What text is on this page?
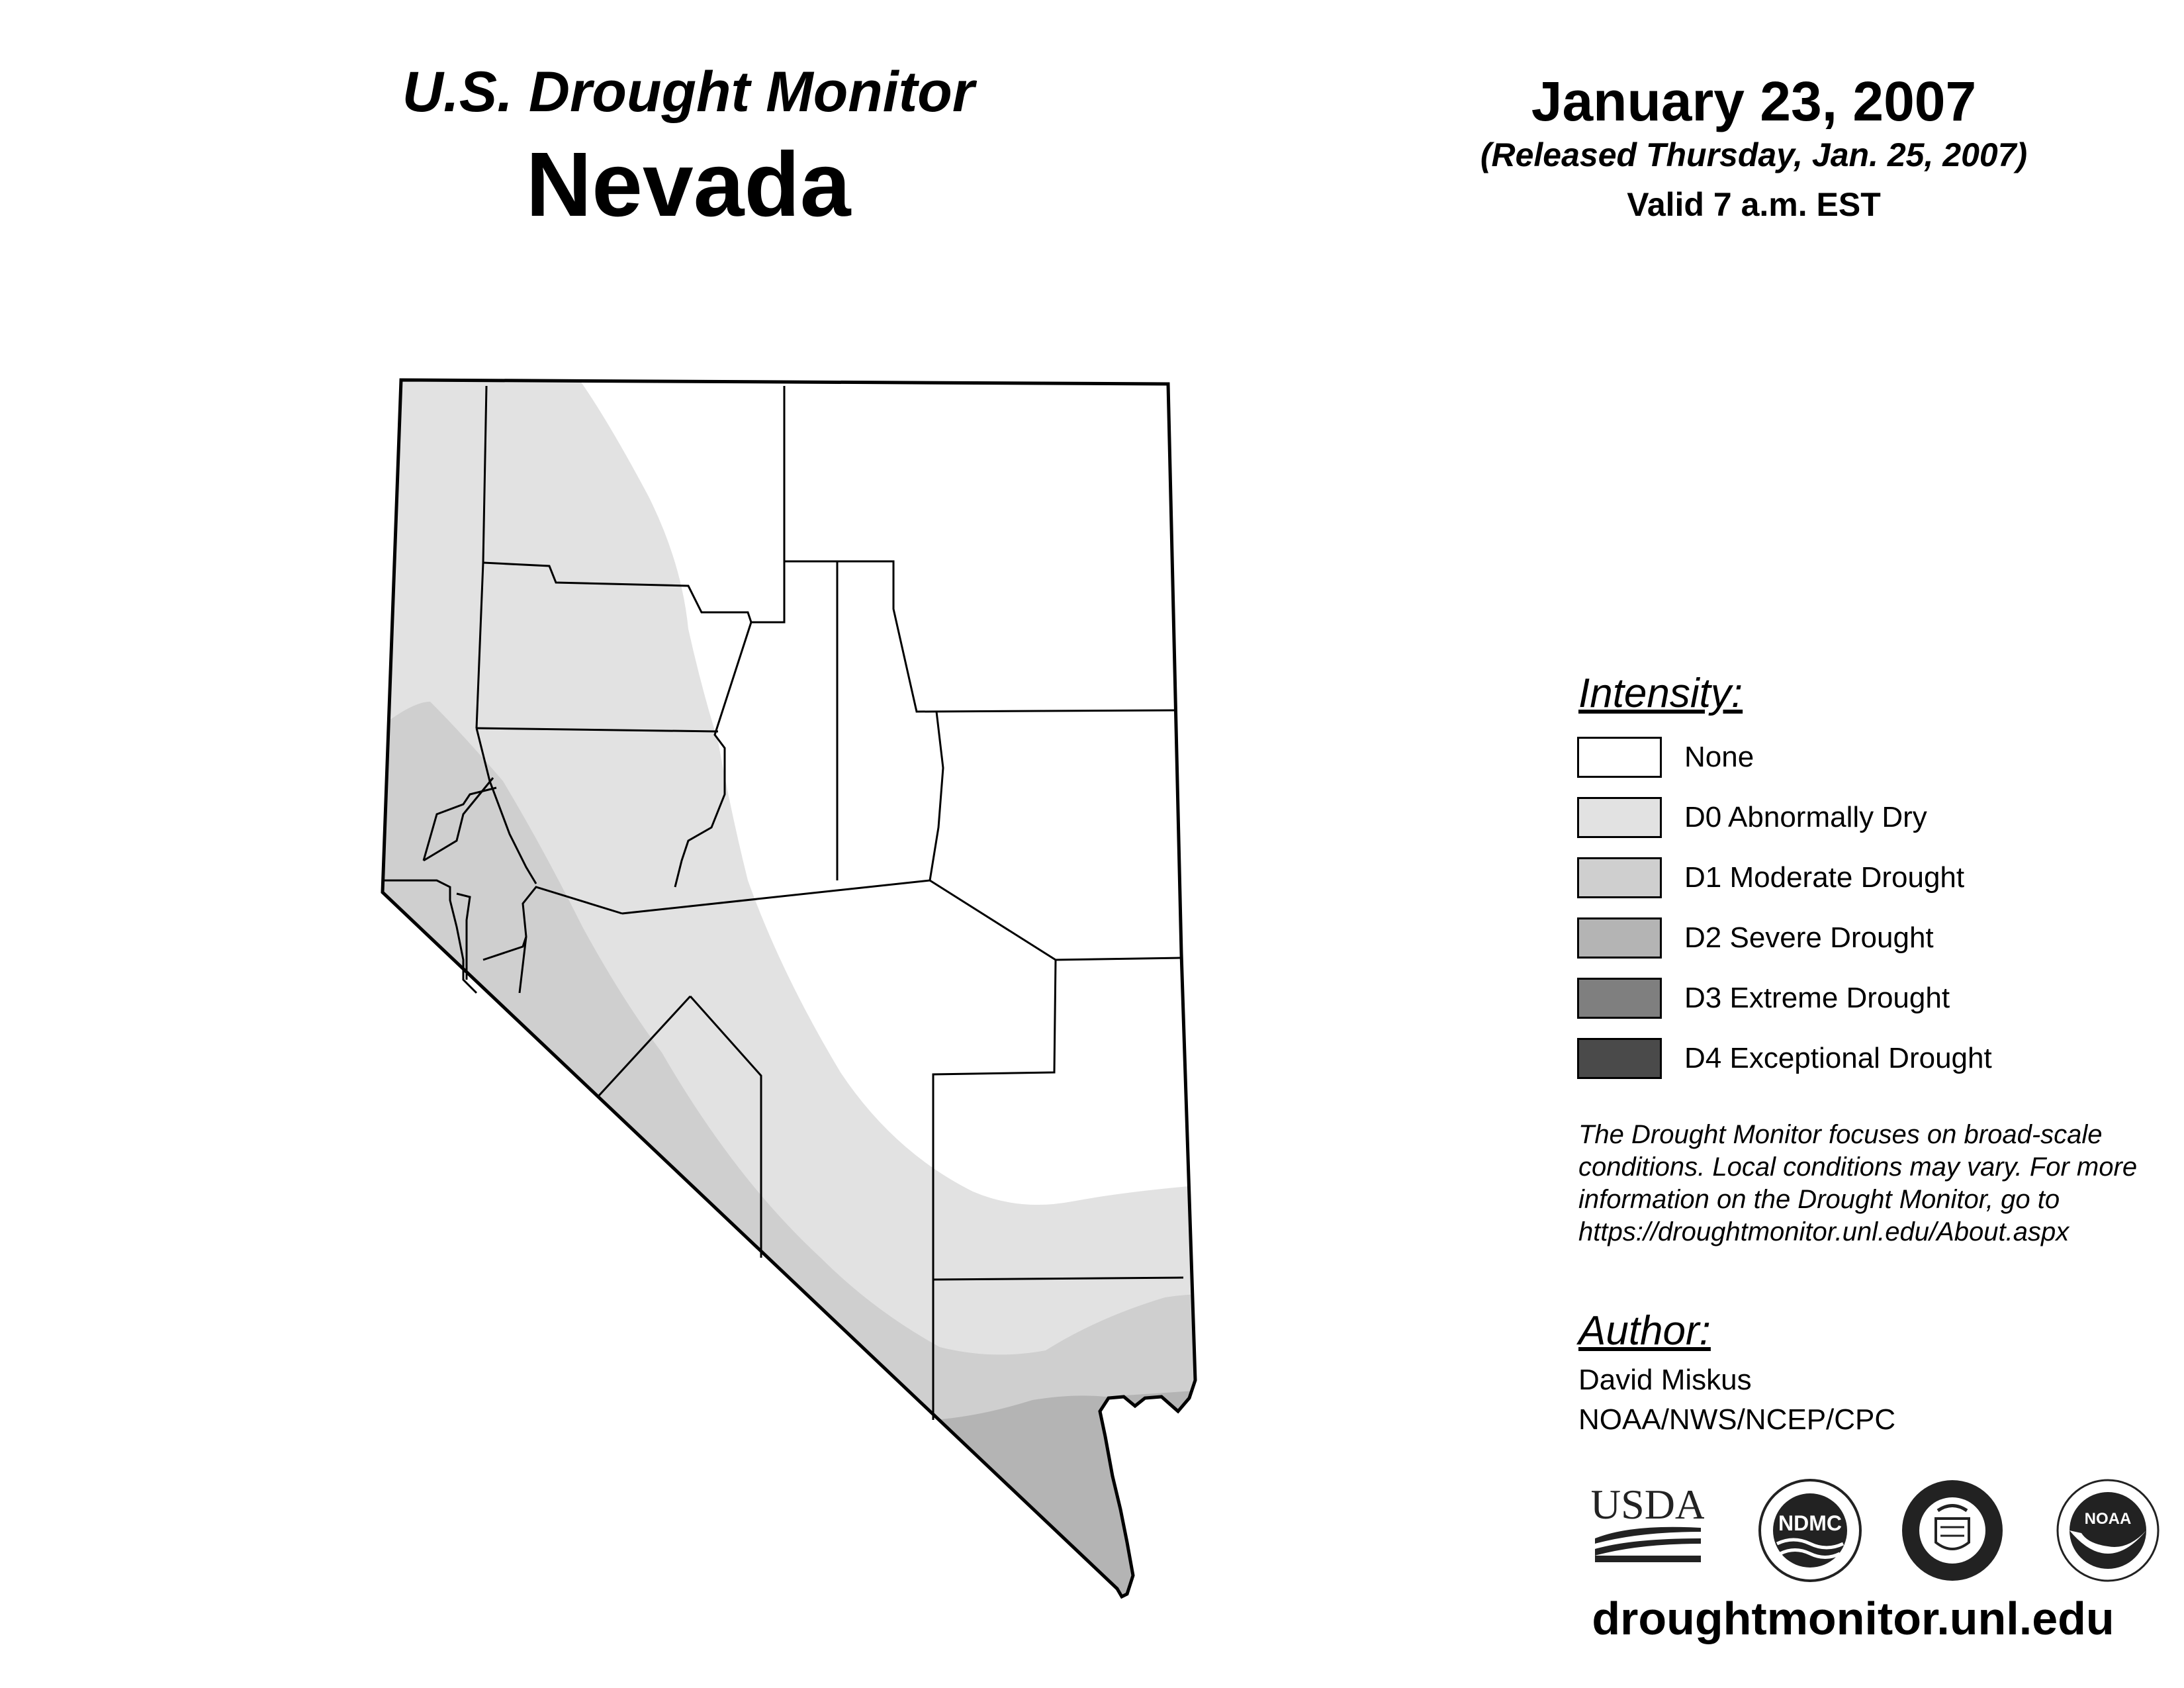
U.S. Drought Monitor
Nevada
January 23, 2007
(Released Thursday, Jan. 25, 2007)
Valid 7 a.m. EST
Intensity:
None
D0 Abnormally Dry
D1 Moderate Drought
D2 Severe Drought
D3 Extreme Drought
D4 Exceptional Drought
The Drought Monitor focuses on broad-scale
conditions. Local conditions may vary. For more
information on the Drought Monitor, go to
https://droughtmonitor.unl.edu/About.aspx
Author:
David Miskus
NOAA/NWS/NCEP/CPC
USDA	NDMC	NOAA
droughtmonitor.unl.edu
